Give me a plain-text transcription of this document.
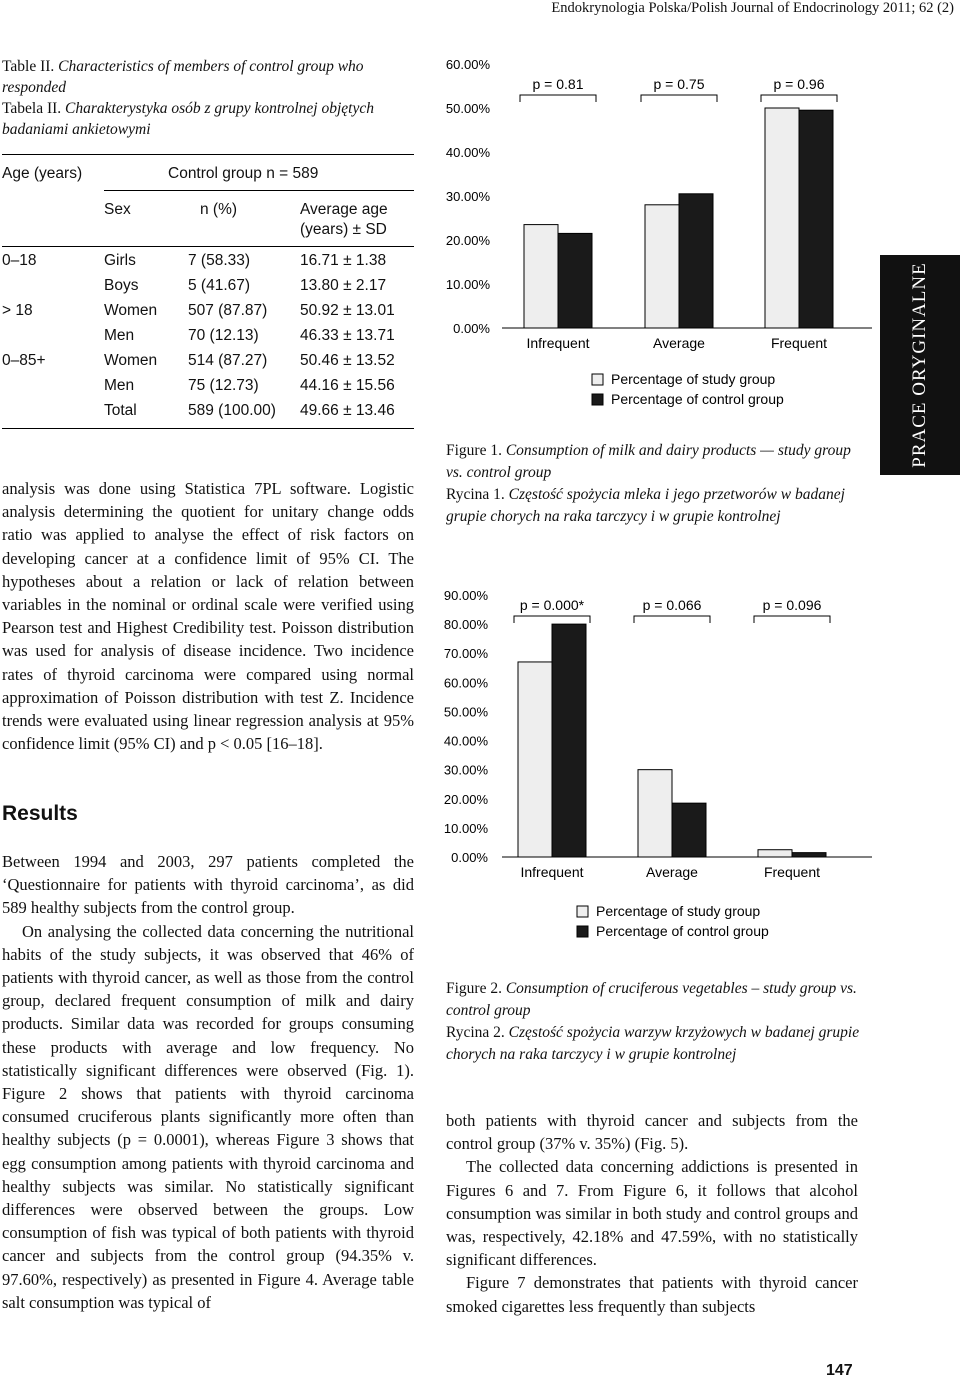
Endokrynologia Polska/Polish Journal of Endocrinology 2011; 62 (2)
Table II. Characteristics of members of control group who responded
Tabela II. Charakterystyka osób z grupy kontrolnej objętych badaniami ankietowymi
Age (years)	Control group n = 589
Sex	n (%)	Average age
(years) ± SD
0–18	Girls	7 (58.33)	16.71 ± 1.38
Boys	5 (41.67)	13.80 ± 2.17
> 18	Women 507 (87.87) 50.92 ± 13.01
Men	70 (12.13)	46.33 ± 13.71
0–85+	Women 514 (87.27) 50.46 ± 13.52
Men	75 (12.73)	44.16 ± 15.56
Total	589 (100.00) 49.66 ± 13.46

analysis was done using Statistica 7PL software. Logistic analysis determining the quotient for unitary change odds ratio was applied to analyse the effect of risk factors on developing cancer at a confidence limit of 95% CI. The hypotheses about a relation or lack of relation between variables in the nominal or ordinal scale were verified using Pearson test and Highest Credibility test. Poisson distribution was used for analysis of disease incidence. Two incidence rates of thyroid carcinoma were compared using normal approximation of Poisson distribution with test Z. Incidence trends were evaluated using linear regression analysis at 95% confidence limit (95% CI) and p < 0.05 [16–18].

Results

Between 1994 and 2003, 297 patients completed the ‘Questionnaire for patients with thyroid carcinoma’, as did 589 healthy subjects from the control group.

On analysing the collected data concerning the nutritional habits of the study subjects, it was observed that 46% of patients with thyroid cancer, as well as those from the control group, declared frequent consumption of milk and dairy products. Similar data was recorded for groups consuming these products with average and low frequency. No statistically significant differences were observed (Fig. 1). Figure 2 shows that patients with thyroid carcinoma consumed cruciferous plants significantly more often than healthy subjects (p = 0.0001), whereas Figure 3 shows that egg consumption among patients with thyroid carcinoma and healthy subjects was similar. No statistically significant differences were observed between the groups. Low consumption of fish was typical of both patients with thyroid cancer and subjects from the control group (94.35% v. 97.60%, respectively) as presented in Figure 4. Average table salt consumption was typical of

60.00%
50.00%
40.00%
30.00%
20.00%
10.00%
0.00%
Infrequent
p = 0.81
Average
p = 0.75
Frequent
p = 0.96
Percentage of study group
Percentage of control group
Figure 1. Consumption of milk and dairy products — study group vs. control group
Rycina 1. Częstość spożycia mleka i jego przetworów w badanej grupie chorych na raka tarczycy i w grupie kontrolnej
90.00%
80.00%
70.00%
60.00%
50.00%
40.00%
30.00%
20.00%
10.00%
0.00%
Infrequent
p = 0.000*
Average
p = 0.066
Frequent
p = 0.096
Percentage of study group
Percentage of control group
Figure 2. Consumption of cruciferous vegetables – study group vs. control group
Rycina 2. Częstość spożycia warzyw krzyżowych w badanej grupie chorych na raka tarczycy i w grupie kontrolnej

both patients with thyroid cancer and subjects from the control group (37% v. 35%) (Fig. 5).

The collected data concerning addictions is presented in Figures 6 and 7. From Figure 6, it follows that alcohol consumption was similar in both study and control groups and was, respectively, 42.18% and 47.59%, with no statistically significant differences.

Figure 7 demonstrates that patients with thyroid cancer smoked cigarettes less frequently than subjects

PRACE ORYGINALNE
147
